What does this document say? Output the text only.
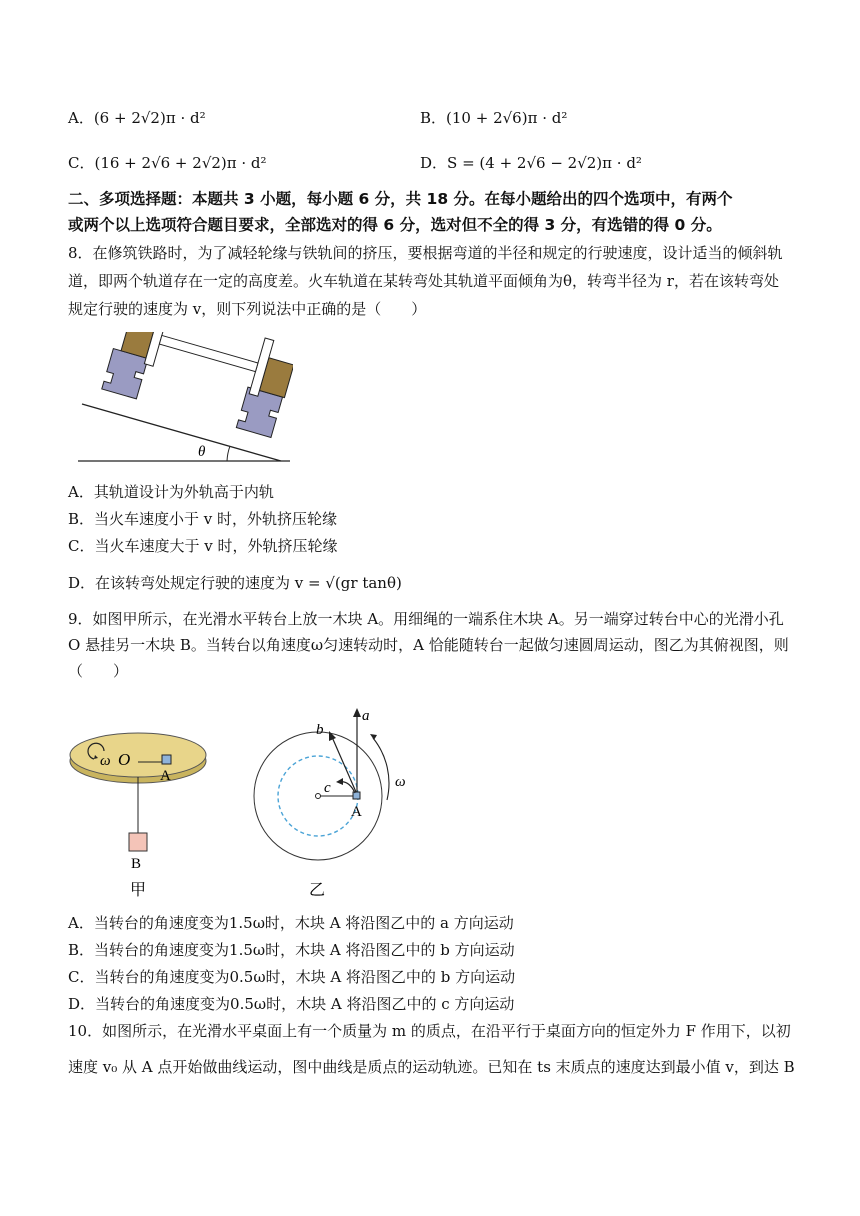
A．(6 + 2√2)π · d²	B．(10 + 2√6)π · d²
C．(16 + 2√6 + 2√2)π · d²	D．S = (4 + 2√6 − 2√2)π · d²
二、多项选择题：本题共 3 小题，每小题 6 分，共 18 分。在每小题给出的四个选项中，有两个
或两个以上选项符合题目要求，全部选对的得 6 分，选对但不全的得 3 分，有选错的得 0 分。
8．在修筑铁路时，为了减轻轮缘与铁轨间的挤压，要根据弯道的半径和规定的行驶速度，设计适当的倾斜轨
道，即两个轨道存在一定的高度差。火车轨道在某转弯处其轨道平面倾角为θ，转弯半径为 r，若在该转弯处
规定行驶的速度为 v，则下列说法中正确的是（　　）
θ
A．其轨道设计为外轨高于内轨
B．当火车速度小于 v 时，外轨挤压轮缘
C．当火车速度大于 v 时，外轨挤压轮缘
D．在该转弯处规定行驶的速度为 v = √(gr tanθ)
9．如图甲所示，在光滑水平转台上放一木块 A。用细绳的一端系住木块 A。另一端穿过转台中心的光滑小孔
O 悬挂另一木块 B。当转台以角速度ω匀速转动时，A 恰能随转台一起做匀速圆周运动，图乙为其俯视图，则
（　　）
ω O
A
B
甲
A
a
b
c	ω
乙
A．当转台的角速度变为1.5ω时，木块 A 将沿图乙中的 a 方向运动
B．当转台的角速度变为1.5ω时，木块 A 将沿图乙中的 b 方向运动
C．当转台的角速度变为0.5ω时，木块 A 将沿图乙中的 b 方向运动
D．当转台的角速度变为0.5ω时，木块 A 将沿图乙中的 c 方向运动
10．如图所示，在光滑水平桌面上有一个质量为 m 的质点，在沿平行于桌面方向的恒定外力 F 作用下，以初
速度 v₀ 从 A 点开始做曲线运动，图中曲线是质点的运动轨迹。已知在 ts 末质点的速度达到最小值 v，到达 B
